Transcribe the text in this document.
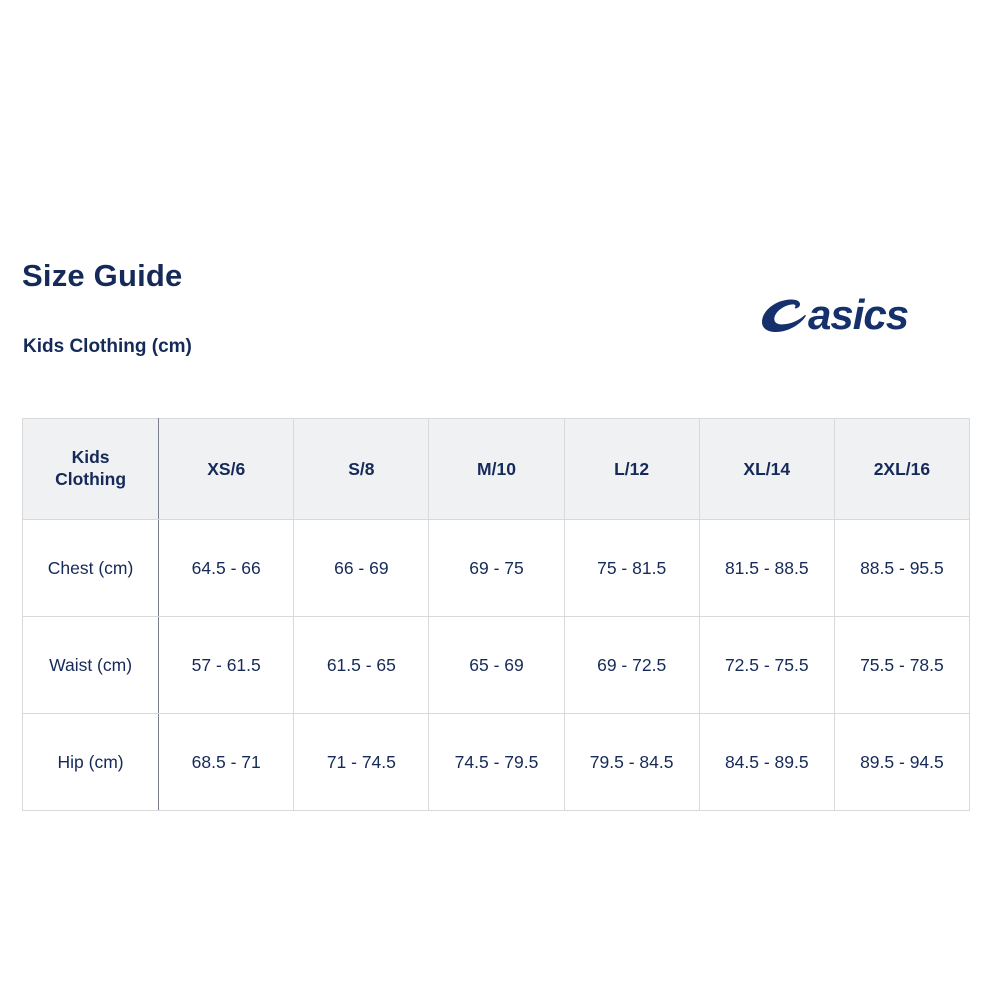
Size Guide
Kids Clothing (cm)
asics
Kids
Clothing	XS/6	S/8	M/10	L/12	XL/14	2XL/16
Chest (cm)	64.5 - 66	66 - 69	69 - 75	75 - 81.5	81.5 - 88.5	88.5 - 95.5
Waist (cm)	57 - 61.5	61.5 - 65	65 - 69	69 - 72.5	72.5 - 75.5	75.5 - 78.5
Hip (cm)	68.5 - 71	71 - 74.5	74.5 - 79.5	79.5 - 84.5	84.5 - 89.5	89.5 - 94.5
